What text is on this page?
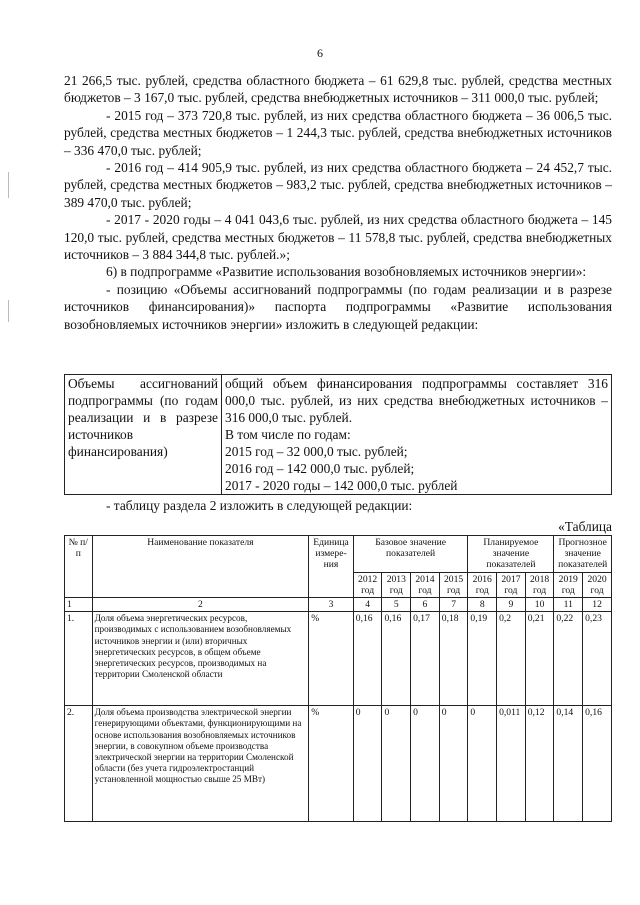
6

21 266,5 тыс. рублей, средства областного бюджета – 61 629,8 тыс. рублей, средства местных бюджетов – 3 167,0 тыс. рублей, средства внебюджетных источников – 311 000,0 тыс. рублей;

- 2015 год – 373 720,8 тыс. рублей, из них средства областного бюджета – 36 006,5 тыс. рублей, средства местных бюджетов – 1 244,3 тыс. рублей, средства внебюджетных источников – 336 470,0 тыс. рублей;

- 2016 год – 414 905,9 тыс. рублей, из них средства областного бюджета – 24 452,7 тыс. рублей, средства местных бюджетов – 983,2 тыс. рублей, средства внебюджетных источников – 389 470,0 тыс. рублей;

- 2017 - 2020 годы – 4 041 043,6 тыс. рублей, из них средства областного бюджета – 145 120,0 тыс. рублей, средства местных бюджетов – 11 578,8 тыс. рублей, средства внебюджетных источников – 3 884 344,8 тыс. рублей.»;

6) в подпрограмме «Развитие использования возобновляемых источников энергии»:

- позицию «Объемы ассигнований подпрограммы (по годам реализации и в разрезе источников финансирования)» паспорта подпрограммы «Развитие использования возобновляемых источников энергии» изложить в следующей редакции:

Объемы ассигнований подпрограммы (по годам реализации и в разрезе источников финансирования)	
общий объем финансирования подпрограммы составляет 316 000,0 тыс. рублей, из них средства внебюджетных источников – 316 000,0 тыс. рублей.
В том числе по годам:
2015 год – 32 000,0 тыс. рублей;
2016 год – 142 000,0 тыс. рублей;
2017 - 2020 годы – 142 000,0 тыс. рублей

- таблицу раздела 2 изложить в следующей редакции:

«Таблица

№ п/п	Наименование показателя	Единица измере-ния	Базовое значение показателей				Планируемое значение показателей			Прогнозное значение показателей	
			2012 год	2013 год	2014 год	2015 год	2016 год	2017 год	2018 год	2019 год	2020 год
1	2	3	4	5	6	7	8	9	10	11	12
1.	Доля объема энергетических ресурсов, производимых с использованием возобновляемых источников энергии и (или) вторичных энергетических ресурсов, в общем объеме энергетических ресурсов, производимых на территории Смоленской области	%	0,16	0,16	0,17	0,18	0,19	0,2	0,21	0,22	0,23
2.	Доля объема производства электрической энергии генерирующими объектами, функционирующими на основе использования возобновляемых источников энергии, в совокупном объеме производства электрической энергии на территории Смоленской области (без учета гидроэлектростанций установленной мощностью свыше 25 МВт)	%	0	0	0	0	0	0,011	0,12	0,14	0,16
